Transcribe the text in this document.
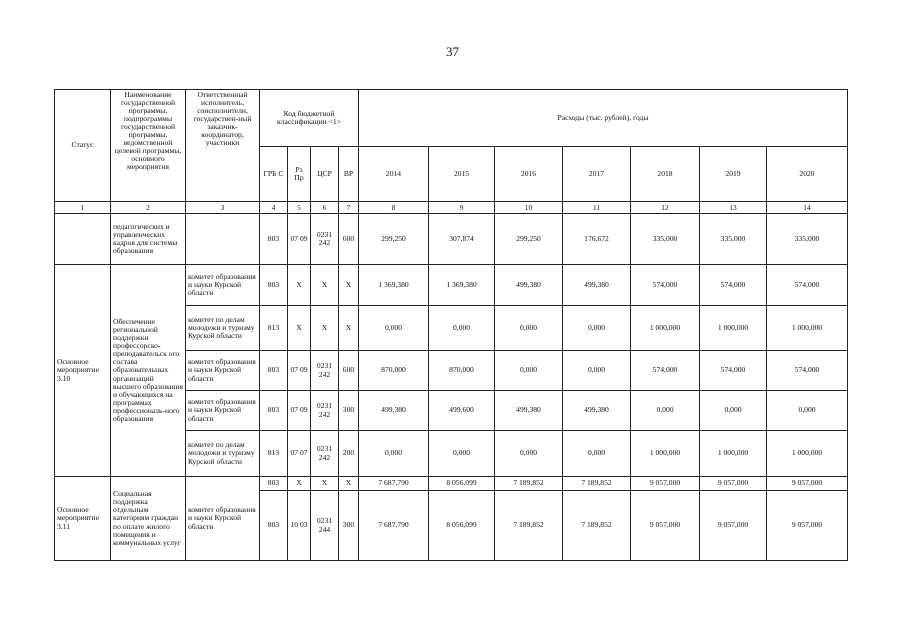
37
Статус	Наименование государственной программы, подпрограммы государственной программы, ведомственной целевой программы, основного мероприятия	Ответственный исполнитель, соисполнители, государствен-ный заказчик-координатор, участники	Код бюджетной классификации <1>				Расходы (тыс. рублей), годы						
			ГРБ С	Рз Пр	ЦСР	ВР	2014	2015	2016	2017	2018	2019	2020
1	2	3	4	5	6	7	8	9	10	11	12	13	14
	педагогических и управленческих кадров для системы образования		803	07 09	0231 242	600	299,250	307,874	299,250	176,672	335,000	335,000	335,000
Основное мероприятие 3.10	Обеспечение региональной поддержки профессорско-преподавательск ого состава образовательных организаций высшего образования и обучающихся на программах профессиональ-ного образования	комитет образования и науки Курской области	803	Х	Х	Х	1 369,380	1 369,380	499,380	499,380	574,000	574,000	574,000
		комитет по делам молодежи и туризму Курской области	813	Х	Х	Х	0,000	0,000	0,000	0,000	1 000,000	1 000,000	1 000,000
		комитет образования и науки Курской области	803	07 09	0231 242	600	870,000	870,000	0,000	0,000	574,000	574,000	574,000
		комитет образования и науки Курской области	803	07 09	0231 242	300	499,380	499,600	499,380	499,380	0,000	0,000	0,000
		комитет по делам молодежи и туризму Курской области	813	07 07	0231 242	200	0,000	0,000	0,000	0,000	1 000,000	1 000,000	1 000,000
Основное мероприятие 3.11	Социальная поддержка отдельным категориям граждан по оплате жилого помещения и коммунальных услуг	комитет образования и науки Курской области	803	Х	Х	Х	7 687,790	8 056,099	7 189,852	7 189,852	9 057,000	9 057,000	9 057,000
			803	10 03	0231 244	300	7 687,790	8 056,099	7 189,852	7 189,852	9 057,000	9 057,000	9 057,000
